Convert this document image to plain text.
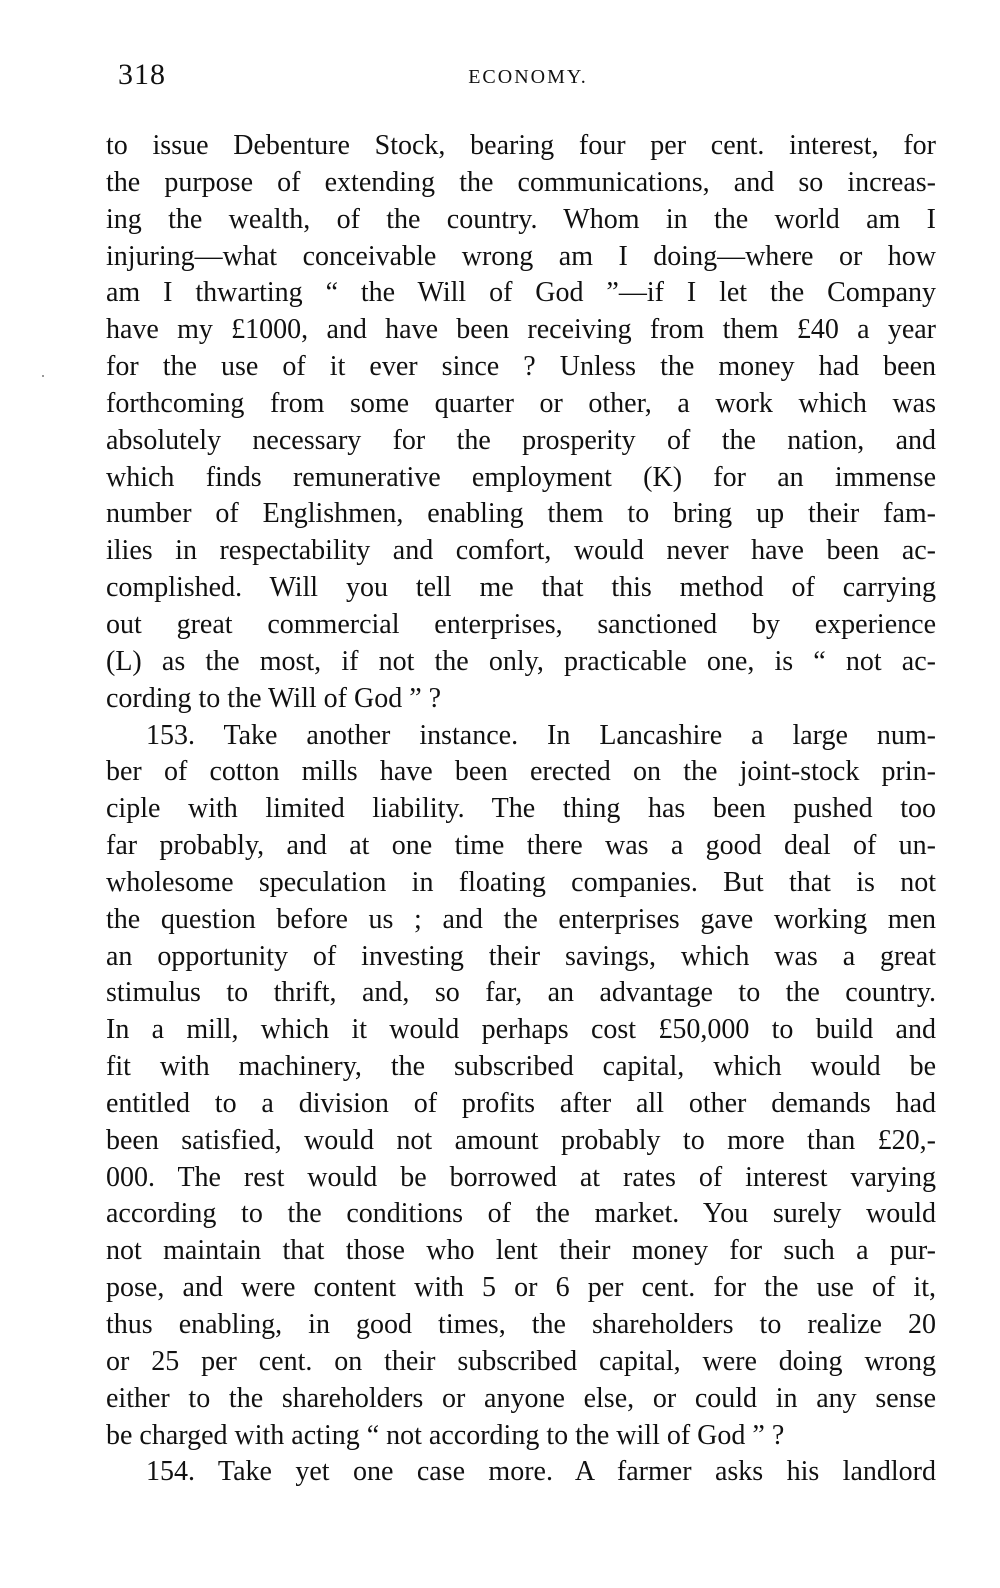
318	ECONOMY.
to issue Debenture Stock, bearing four per cent. interest, for
the purpose of extending the communications, and so increas-
ing the wealth, of the country. Whom in the world am I
injuring—what conceivable wrong am I doing—where or how
am I thwarting “ the Will of God ”—if I let the Company
have my £1000, and have been receiving from them £40 a year
for the use of it ever since ? Unless the money had been
forthcoming from some quarter or other, a work which was
absolutely necessary for the prosperity of the nation, and
which finds remunerative employment (K) for an immense
number of Englishmen, enabling them to bring up their fam-
ilies in respectability and comfort, would never have been ac-
complished. Will you tell me that this method of carrying
out great commercial enterprises, sanctioned by experience
(L) as the most, if not the only, practicable one, is “ not ac-
cording to the Will of God ” ?
153. Take another instance. In Lancashire a large num-
ber of cotton mills have been erected on the joint-stock prin-
ciple with limited liability. The thing has been pushed too
far probably, and at one time there was a good deal of un-
wholesome speculation in floating companies. But that is not
the question before us ; and the enterprises gave working men
an opportunity of investing their savings, which was a great
stimulus to thrift, and, so far, an advantage to the country.
In a mill, which it would perhaps cost £50,000 to build and
fit with machinery, the subscribed capital, which would be
entitled to a division of profits after all other demands had
been satisfied, would not amount probably to more than £20,-
000. The rest would be borrowed at rates of interest varying
according to the conditions of the market. You surely would
not maintain that those who lent their money for such a pur-
pose, and were content with 5 or 6 per cent. for the use of it,
thus enabling, in good times, the shareholders to realize 20
or 25 per cent. on their subscribed capital, were doing wrong
either to the shareholders or anyone else, or could in any sense
be charged with acting “ not according to the will of God ” ?
154. Take yet one case more. A farmer asks his landlord
